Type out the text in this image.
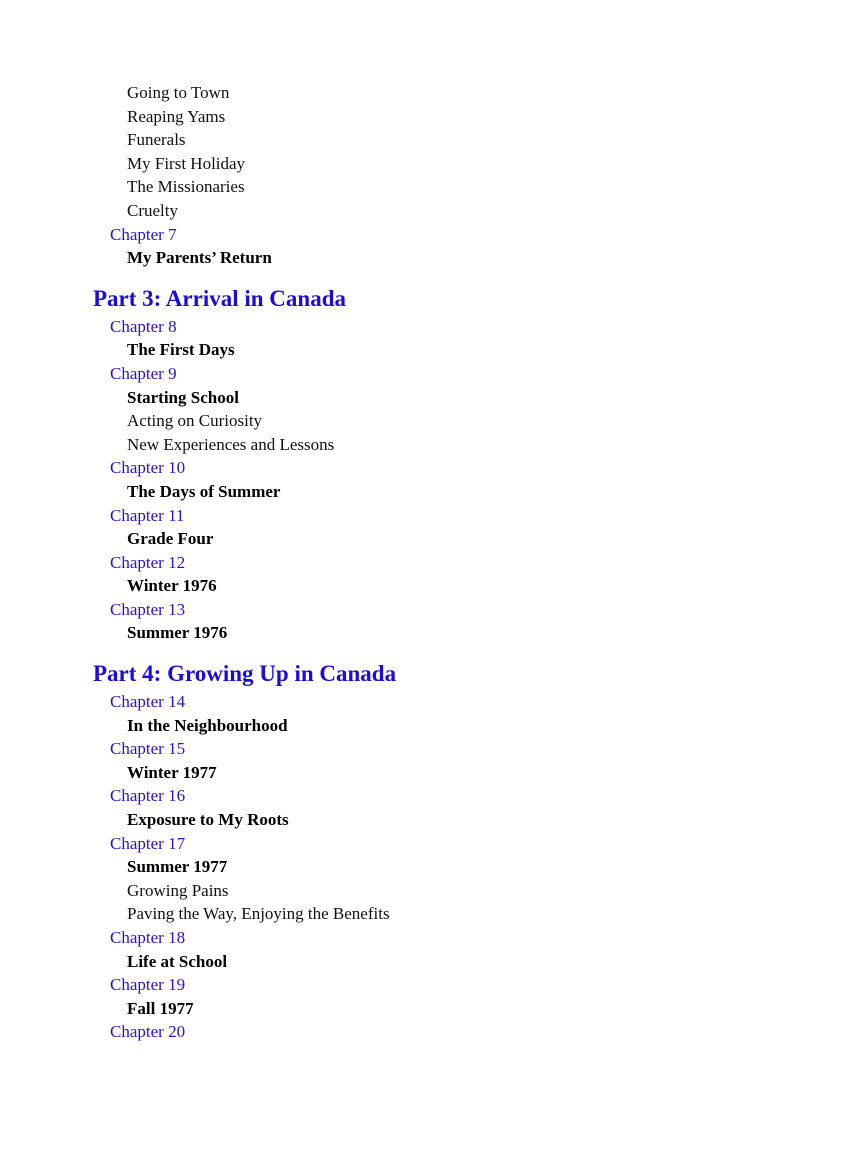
Going to Town
Reaping Yams
Funerals
My First Holiday
The Missionaries
Cruelty
Chapter 7
My Parents’ Return
Part 3: Arrival in Canada
Chapter 8
The First Days
Chapter 9
Starting School
Acting on Curiosity
New Experiences and Lessons
Chapter 10
The Days of Summer
Chapter 11
Grade Four
Chapter 12
Winter 1976
Chapter 13
Summer 1976
Part 4: Growing Up in Canada
Chapter 14
In the Neighbourhood
Chapter 15
Winter 1977
Chapter 16
Exposure to My Roots
Chapter 17
Summer 1977
Growing Pains
Paving the Way, Enjoying the Benefits
Chapter 18
Life at School
Chapter 19
Fall 1977
Chapter 20
